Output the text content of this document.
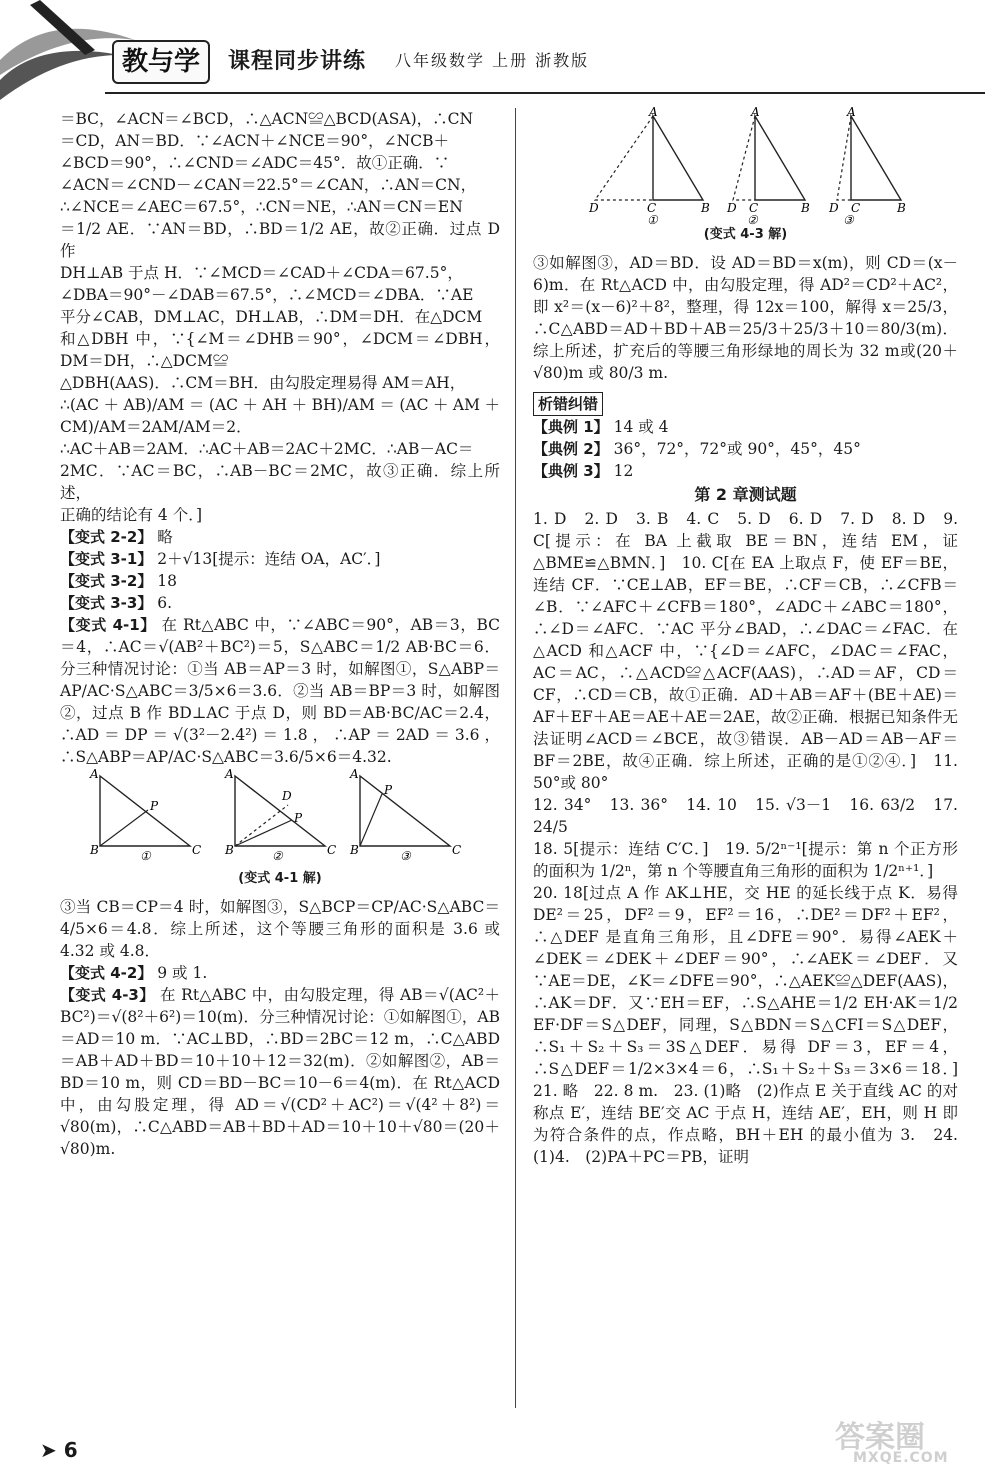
教与学	课程同步讲练 八年级数学 上册 浙教版

＝BC，∠ACN＝∠BCD，∴△ACN≌△BCD(ASA)，∴CN

＝CD，AN＝BD．∵∠ACN＋∠NCE＝90°，∠NCB＋

∠BCD＝90°，∴∠CND＝∠ADC＝45°．故①正确．∵

∠ACN＝∠CND－∠CAN＝22.5°＝∠CAN，∴AN＝CN，

∴∠NCE＝∠AEC＝67.5°，∴CN＝NE，∴AN＝CN＝EN

＝1/2 AE．∵AN＝BD，∴BD＝1/2 AE，故②正确．过点 D 作

DH⊥AB 于点 H．∵∠MCD＝∠CAD＋∠CDA＝67.5°，

∠DBA＝90°－∠DAB＝67.5°，∴∠MCD＝∠DBA．∵AE

平分∠CAB，DM⊥AC，DH⊥AB，∴DM＝DH．在△DCM

和△DBH 中，∵{∠M＝∠DHB＝90°，∠DCM＝∠DBH，DM＝DH，∴△DCM≌

△DBH(AAS)．∴CM＝BH．由勾股定理易得 AM＝AH，

∴(AC＋AB)/AM＝(AC＋AH＋BH)/AM＝(AC＋AM＋CM)/AM＝2AM/AM＝2．

∴AC＋AB＝2AM．∴AC＋AB＝2AC＋2MC．∴AB－AC＝

2MC．∵AC＝BC，∴AB－BC＝2MC，故③正确．综上所述，

正确的结论有 4 个．]

【变式 2-2】 略

【变式 3-1】 2＋√13[提示：连结 OA，AC′．]

【变式 3-2】 18

【变式 3-3】 6.

【变式 4-1】 在 Rt△ABC 中，∵∠ABC＝90°，AB＝3，BC＝4，∴AC＝√(AB²＋BC²)＝5，S△ABC＝1/2 AB·BC＝6．分三种情况讨论：①当 AB＝AP＝3 时，如解图①，S△ABP＝AP/AC·S△ABC＝3/5×6＝3.6．②当 AB＝BP＝3 时，如解图②，过点 B 作 BD⊥AC 于点 D，则 BD＝AB·BC/AC＝2.4，∴AD＝DP＝√(3²－2.4²)＝1.8，∴AP＝2AD＝3.6，∴S△ABP＝AP/AC·S△ABC＝3.6/5×6＝4.32.

A
B	C
P
①
A
B	C
D
P
②
A
B	C
P
③
(变式 4-1 解)

③当 CB＝CP＝4 时，如解图③，S△BCP＝CP/AC·S△ABC＝4/5×6＝4.8．综上所述，这个等腰三角形的面积是 3.6 或 4.32 或 4.8．

【变式 4-2】 9 或 1.

【变式 4-3】 在 Rt△ABC 中，由勾股定理，得 AB＝√(AC²＋BC²)＝√(8²＋6²)＝10(m)．分三种情况讨论：①如解图①，AB＝AD＝10 m．∵AC⊥BD，∴BD＝2BC＝12 m，∴C△ABD＝AB＋AD＋BD＝10＋10＋12＝32(m)．②如解图②，AB＝BD＝10 m，则 CD＝BD－BC＝10－6＝4(m)．在 Rt△ACD 中，由勾股定理，得 AD＝√(CD²＋AC²)＝√(4²＋8²)＝√80(m)，∴C△ABD＝AB＋BD＋AD＝10＋10＋√80＝(20＋√80)m.

A
D	C	B
①
A
D C	B
②
A
D C	B
③
(变式 4-3 解)

③如解图③，AD＝BD．设 AD＝BD＝x(m)，则 CD＝(x－6)m．在 Rt△ACD 中，由勾股定理，得 AD²＝CD²＋AC²，即 x²＝(x－6)²＋8²，整理，得 12x＝100，解得 x＝25/3，∴C△ABD＝AD＋BD＋AB＝25/3＋25/3＋10＝80/3(m)．综上所述，扩充后的等腰三角形绿地的周长为 32 m或(20＋√80)m 或 80/3 m.

析错纠错

【典例 1】 14 或 4

【典例 2】 36°，72°，72°或 90°，45°，45°

【典例 3】 12

第 2 章测试题

1. D　2. D　3. B　4. C　5. D　6. D　7. D　8. D　9. C[提示：在 BA 上截取 BE＝BN，连结 EM，证△BME≌△BMN．]　10. C[在 EA 上取点 F，使 EF＝BE，连结 CF．∵CE⊥AB，EF＝BE，∴CF＝CB，∴∠CFB＝∠B．∵∠AFC＋∠CFB＝180°，∠ADC＋∠ABC＝180°，∴∠D＝∠AFC．∵AC 平分∠BAD，∴∠DAC＝∠FAC．在△ACD 和△ACF 中，∵{∠D＝∠AFC，∠DAC＝∠FAC，AC＝AC，∴△ACD≌△ACF(AAS)，∴AD＝AF，CD＝CF，∴CD＝CB，故①正确．AD＋AB＝AF＋(BE＋AE)＝AF＋EF＋AE＝AE＋AE＝2AE，故②正确．根据已知条件无法证明∠ACD＝∠BCE，故③错误．AB－AD＝AB－AF＝BF＝2BE，故④正确．综上所述，正确的是①②④．]　11. 50°或 80°

12. 34°　13. 36°　14. 10　15. √3－1　16. 63/2　17. 24/5

18. 5[提示：连结 C′C．]　19. 5/2ⁿ⁻¹[提示：第 n 个正方形的面积为 1/2ⁿ，第 n 个等腰直角三角形的面积为 1/2ⁿ⁺¹．]

20. 18[过点 A 作 AK⊥HE，交 HE 的延长线于点 K．易得 DE²＝25，DF²＝9，EF²＝16，∴DE²＝DF²＋EF²，∴△DEF 是直角三角形，且∠DFE＝90°．易得∠AEK＋∠DEK＝∠DEK＋∠DEF＝90°，∴∠AEK＝∠DEF．又∵AE＝DE，∠K＝∠DFE＝90°，∴△AEK≌△DEF(AAS)，∴AK＝DF．又∵EH＝EF，∴S△AHE＝1/2 EH·AK＝1/2 EF·DF＝S△DEF，同理，S△BDN＝S△CFI＝S△DEF，∴S₁＋S₂＋S₃＝3S△DEF．易得 DF＝3，EF＝4，∴S△DEF＝1/2×3×4＝6，∴S₁＋S₂＋S₃＝3×6＝18．]　21. 略　22. 8 m.　23. (1)略　(2)作点 E 关于直线 AC 的对称点 E′，连结 BE′交 AC 于点 H，连结 AE′，EH，则 H 即为符合条件的点，作点略，BH＋EH 的最小值为 3.　24. (1)4.　(2)PA＋PC＝PB，证明

➤ 6	答案圈
MXQE.COM
